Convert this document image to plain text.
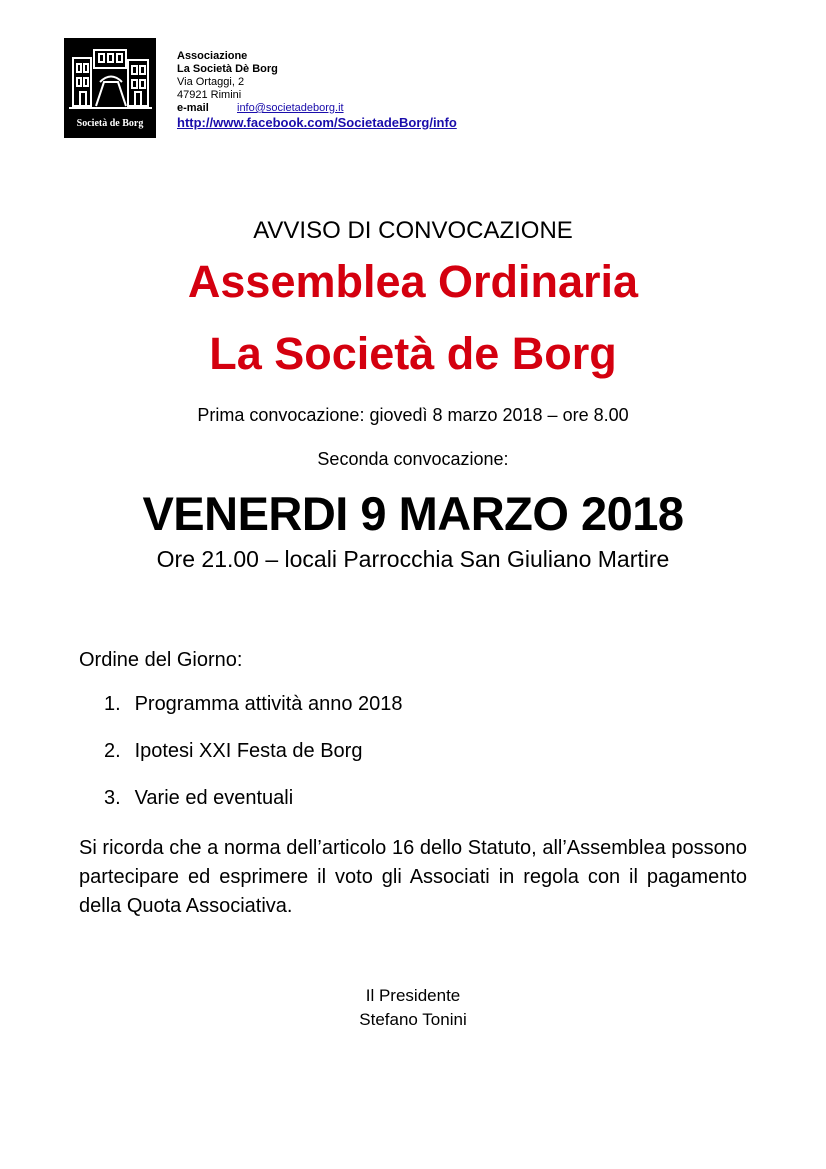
Società de Borg
Associazione
La Società Dè Borg
Via Ortaggi, 2
47921 Rimini
e-mail	info@societadeborg.it
http://www.facebook.com/SocietadeBorg/info
AVVISO DI CONVOCAZIONE
Assemblea Ordinaria
La Società de Borg
Prima convocazione: giovedì 8 marzo 2018 – ore 8.00
Seconda convocazione:
VENERDI 9 MARZO 2018
Ore 21.00 – locali Parrocchia San Giuliano Martire
Ordine del Giorno:
1. Programma attività anno 2018
2. Ipotesi XXI Festa de Borg
3. Varie ed eventuali
Si ricorda che a norma dell’articolo 16 dello Statuto, all’Assemblea possono partecipare ed esprimere il voto gli Associati in regola con il pagamento della Quota Associativa.
Il Presidente
Stefano Tonini
